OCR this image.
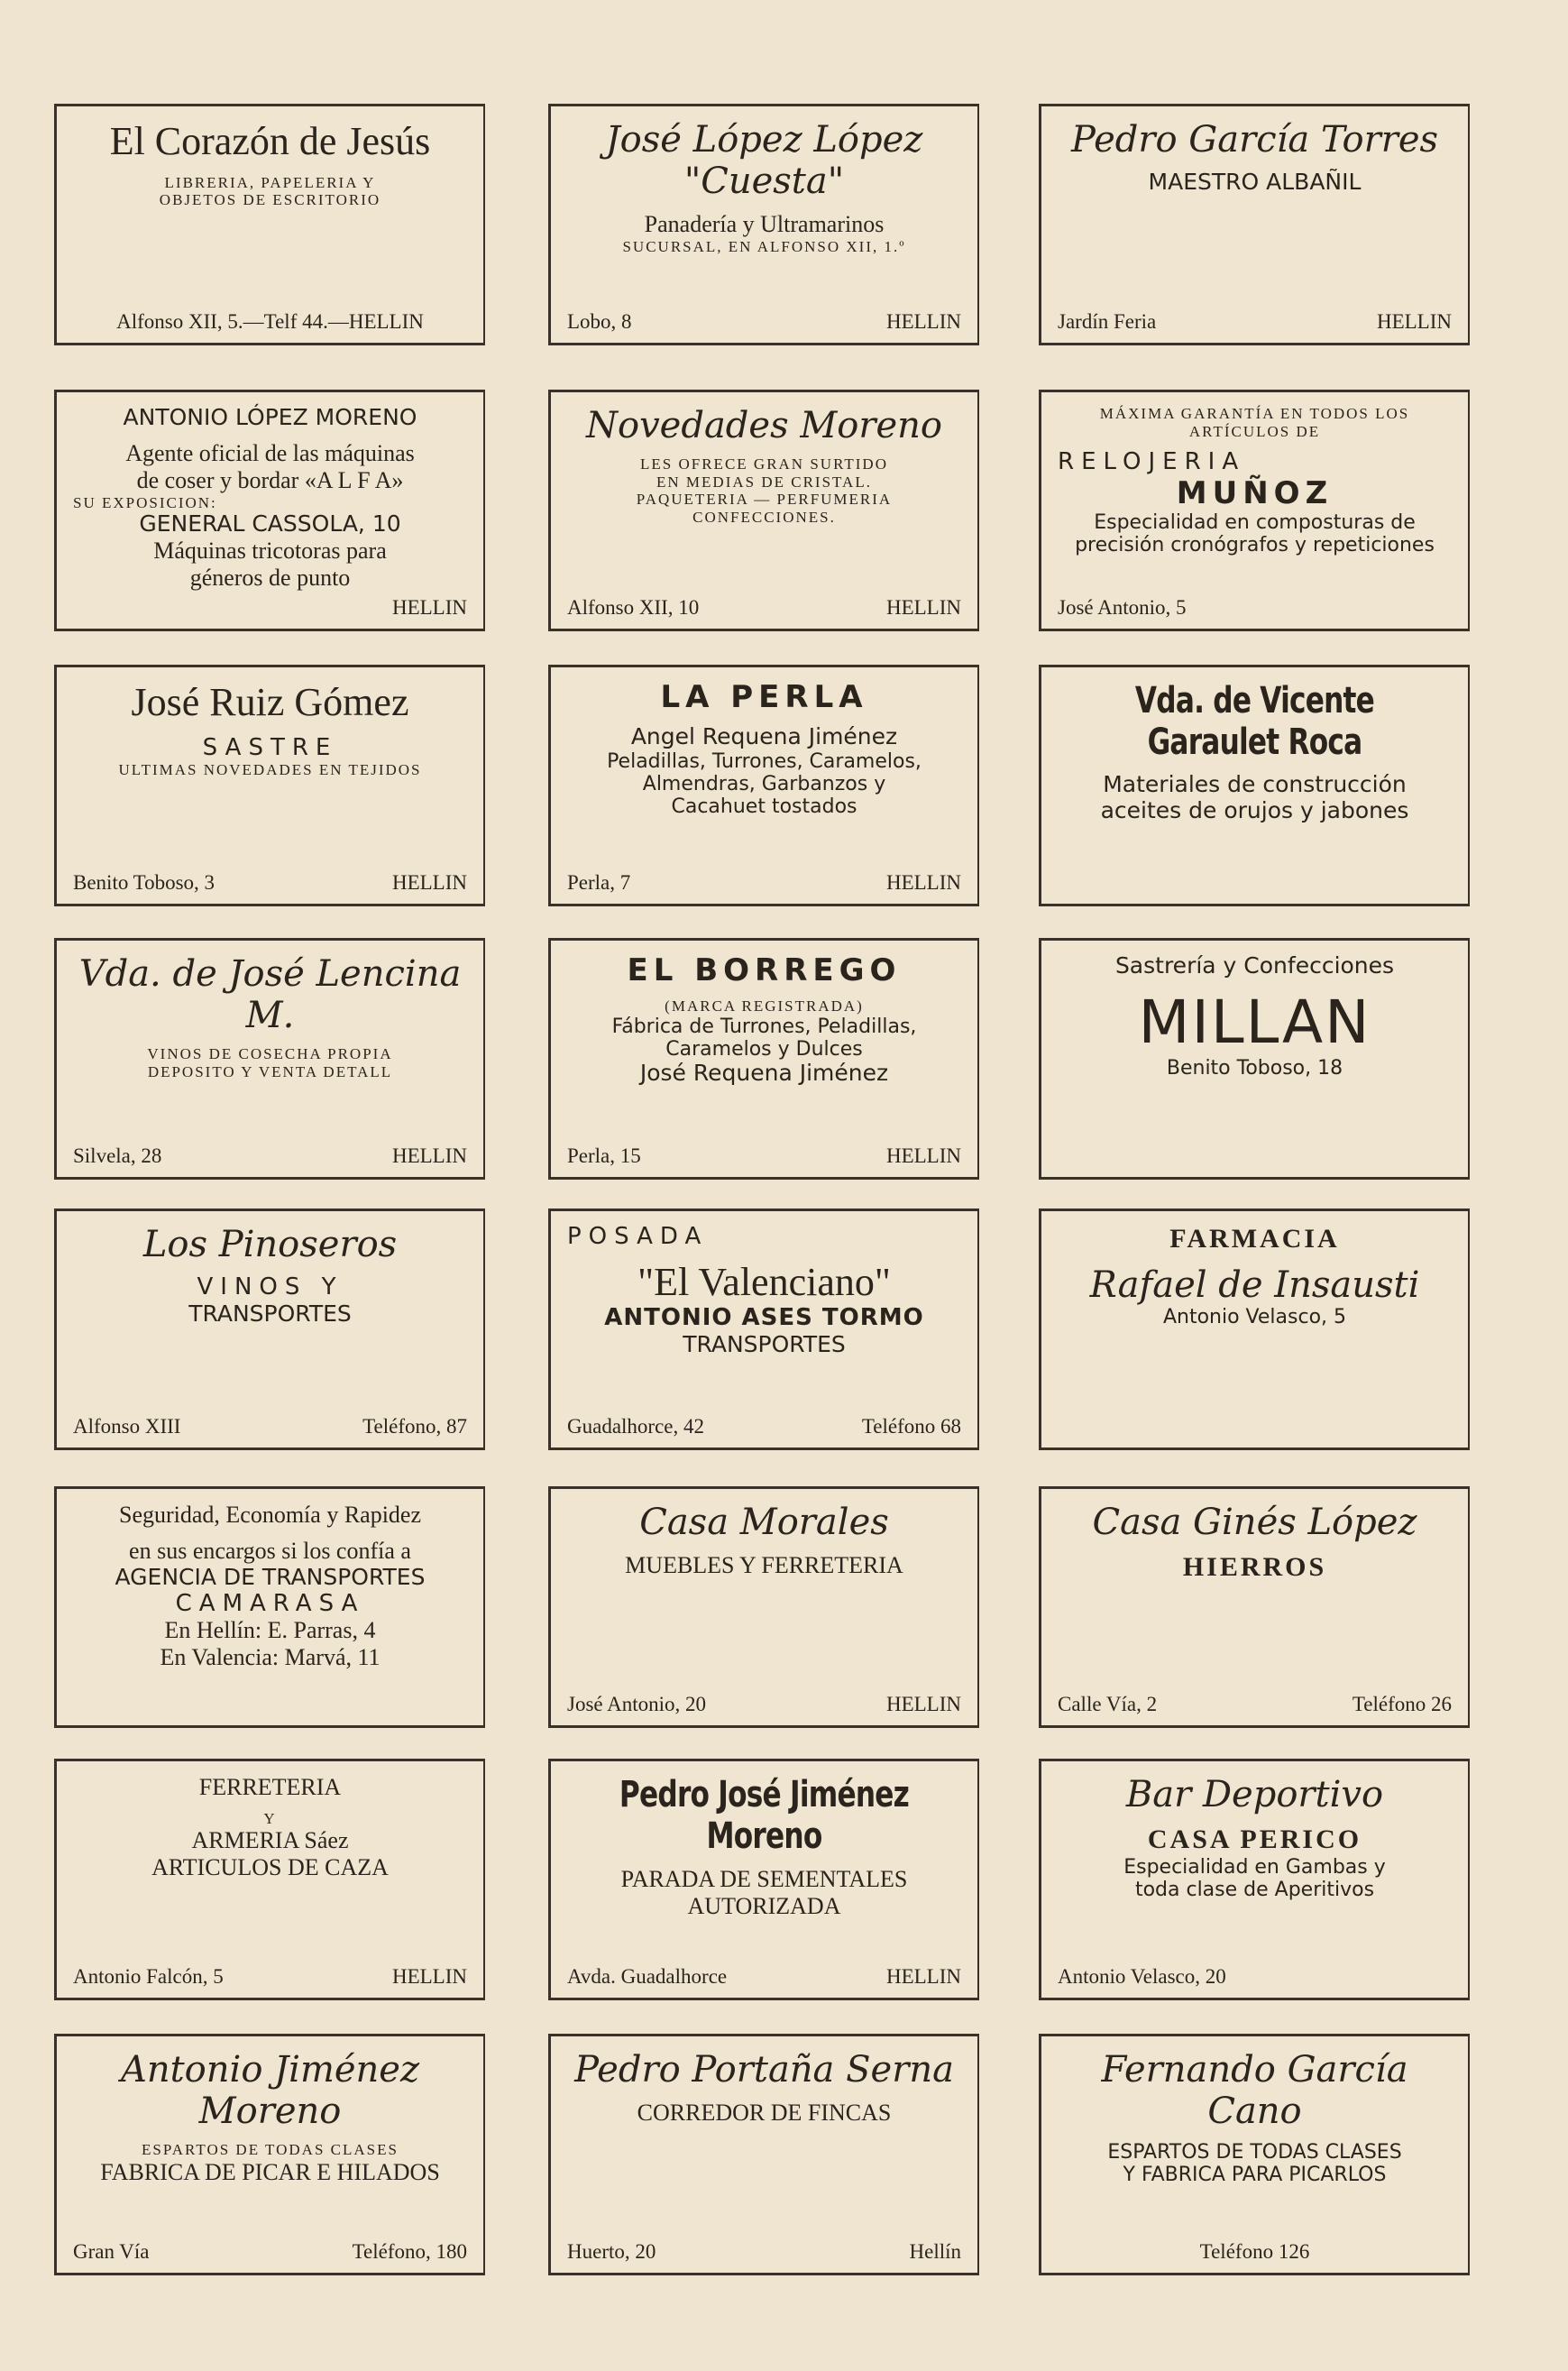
El Corazón de Jesús
LIBRERIA, PAPELERIA Y
OBJETOS DE ESCRITORIO
Alfonso XII, 5.—Telf 44.—HELLIN
José López López "Cuesta"
Panadería y Ultramarinos
SUCURSAL, EN ALFONSO XII, 1.º
Lobo, 8	HELLIN
Pedro García Torres
MAESTRO ALBAÑIL
Jardín Feria	HELLIN
ANTONIO LÓPEZ MORENO
Agente oficial de las máquinas
de coser y bordar «A L F A»
SU EXPOSICION:
GENERAL CASSOLA, 10
Máquinas tricotoras para
géneros de punto
HELLIN
Novedades Moreno
LES OFRECE GRAN SURTIDO
EN MEDIAS DE CRISTAL.
PAQUETERIA — PERFUMERIA
CONFECCIONES.
Alfonso XII, 10	HELLIN
MÁXIMA GARANTÍA EN TODOS LOS ARTÍCULOS DE
RELOJERIA
MUÑOZ
Especialidad en composturas de
precisión cronógrafos y repeticiones
José Antonio, 5
José Ruiz Gómez
SASTRE
ULTIMAS NOVEDADES EN TEJIDOS
Benito Toboso, 3	HELLIN
LA PERLA
Angel Requena Jiménez
Peladillas, Turrones, Caramelos,
Almendras, Garbanzos y
Cacahuet tostados
Perla, 7	HELLIN
Vda. de Vicente Garaulet Roca
Materiales de construcción
aceites de orujos y jabones
Vda. de José Lencina M.
VINOS DE COSECHA PROPIA
DEPOSITO Y VENTA DETALL
Silvela, 28	HELLIN
EL BORREGO
(MARCA REGISTRADA)
Fábrica de Turrones, Peladillas,
Caramelos y Dulces
José Requena Jiménez
Perla, 15	HELLIN
Sastrería y Confecciones
MILLAN
Benito Toboso, 18
Los Pinoseros
VINOS Y
TRANSPORTES
Alfonso XIII	Teléfono, 87
POSADA
"El Valenciano"
ANTONIO ASES TORMO
TRANSPORTES
Guadalhorce, 42	Teléfono 68
FARMACIA
Rafael de Insausti
Antonio Velasco, 5
Seguridad, Economía y Rapidez
en sus encargos si los confía a
AGENCIA DE TRANSPORTES
CAMARASA
En Hellín: E. Parras, 4
En Valencia: Marvá, 11
Casa Morales
MUEBLES Y FERRETERIA
José Antonio, 20	HELLIN
Casa Ginés López
HIERROS
Calle Vía, 2	Teléfono 26
FERRETERIA
Y
ARMERIA Sáez
ARTICULOS DE CAZA
Antonio Falcón, 5	HELLIN
Pedro José Jiménez Moreno
PARADA DE SEMENTALES
AUTORIZADA
Avda. Guadalhorce	HELLIN
Bar Deportivo
CASA PERICO
Especialidad en Gambas y
toda clase de Aperitivos
Antonio Velasco, 20
Antonio Jiménez Moreno
ESPARTOS DE TODAS CLASES
FABRICA DE PICAR E HILADOS
Gran Vía	Teléfono, 180
Pedro Portaña Serna
CORREDOR DE FINCAS
Huerto, 20	Hellín
Fernando García Cano
ESPARTOS DE TODAS CLASES
Y FABRICA PARA PICARLOS
Teléfono 126
